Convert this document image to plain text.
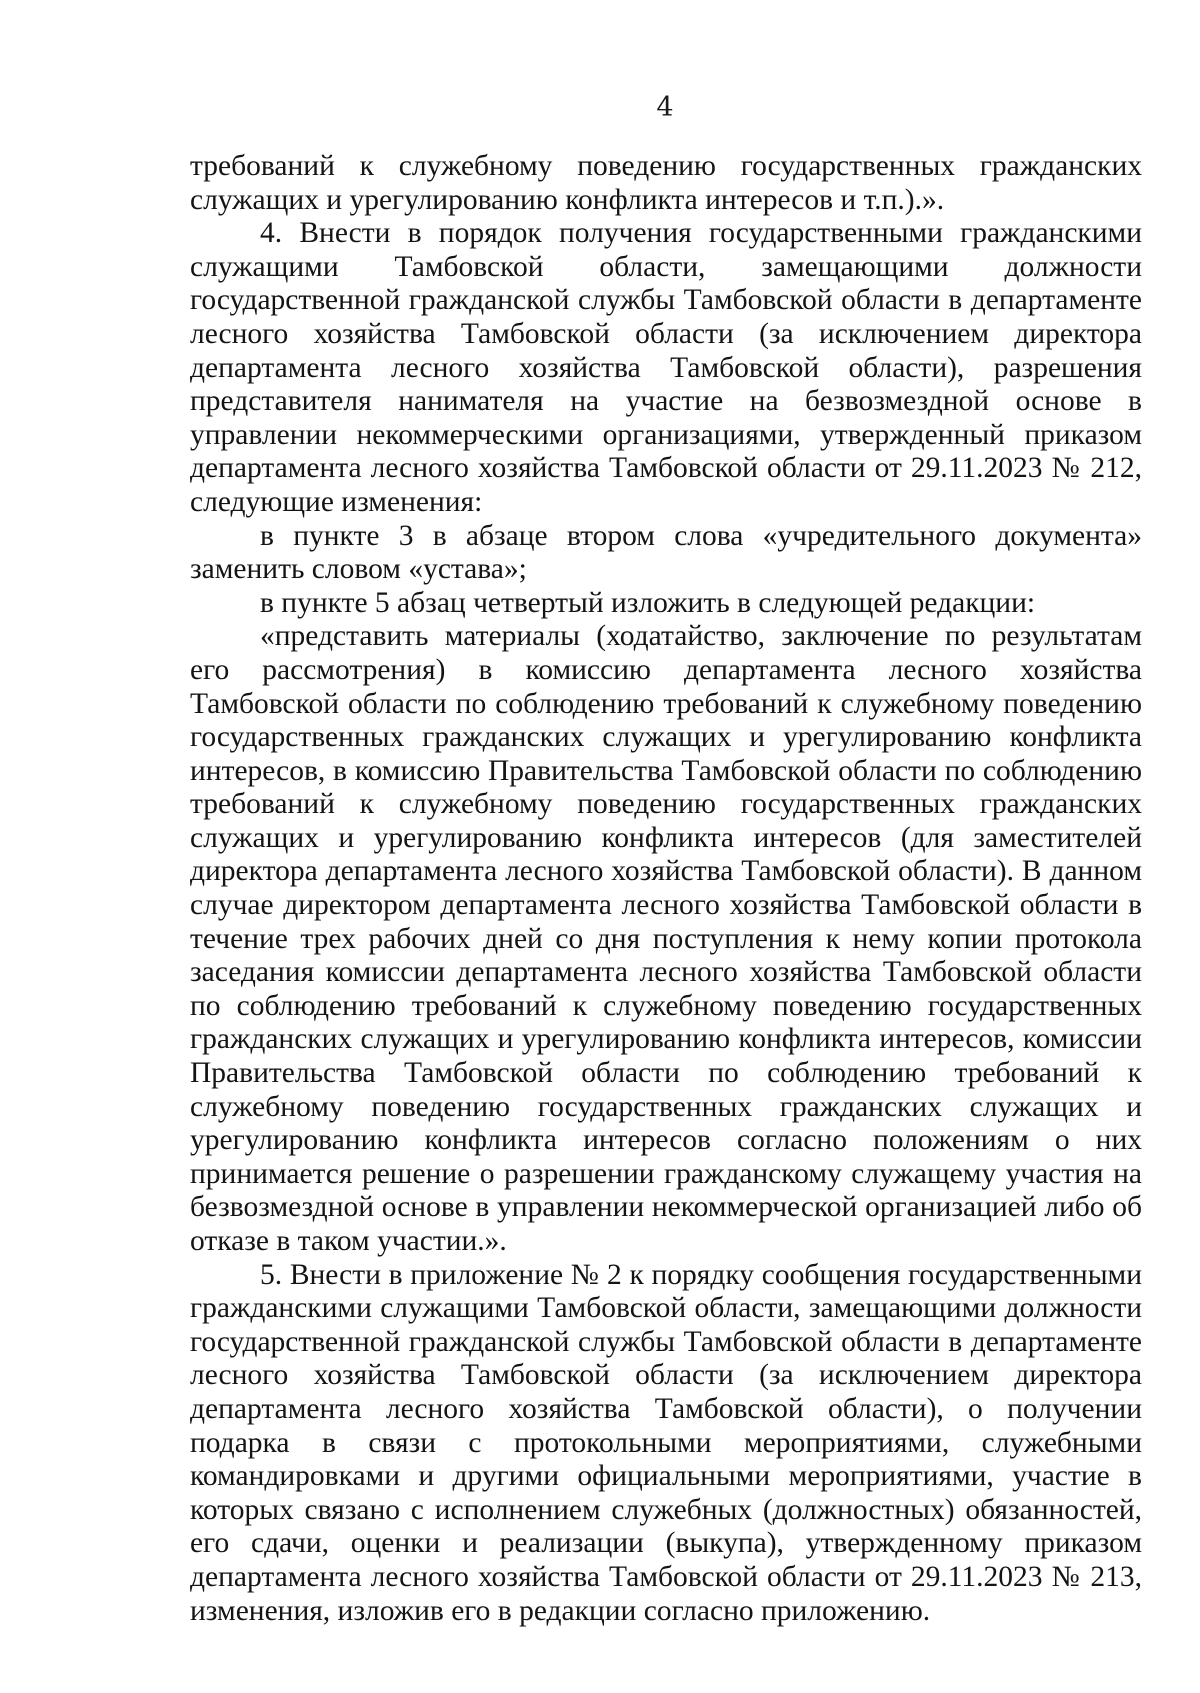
4

требований к служебному поведению государственных гражданских служащих и урегулированию конфликта интересов и т.п.).».

4. Внести в порядок получения государственными гражданскими служащими Тамбовской области, замещающими должности государственной гражданской службы Тамбовской области в департаменте лесного хозяйства Тамбовской области (за исключением директора департамента лесного хозяйства Тамбовской области), разрешения представителя нанимателя на участие на безвозмездной основе в управлении некоммерческими организациями, утвержденный приказом департамента лесного хозяйства Тамбовской области от 29.11.2023 № 212, следующие изменения:

в пункте 3 в абзаце втором слова «учредительного документа» заменить словом «устава»;

в пункте 5 абзац четвертый изложить в следующей редакции:

«представить материалы (ходатайство, заключение по результатам его рассмотрения) в комиссию департамента лесного хозяйства Тамбовской области по соблюдению требований к служебному поведению государственных гражданских служащих и урегулированию конфликта интересов, в комиссию Правительства Тамбовской области по соблюдению требований к служебному поведению государственных гражданских служащих и урегулированию конфликта интересов (для заместителей директора департамента лесного хозяйства Тамбовской области). В данном случае директором департамента лесного хозяйства Тамбовской области в течение трех рабочих дней со дня поступления к нему копии протокола заседания комиссии департамента лесного хозяйства Тамбовской области по соблюдению требований к служебному поведению государственных гражданских служащих и урегулированию конфликта интересов, комиссии Правительства Тамбовской области по соблюдению требований к служебному поведению государственных гражданских служащих и урегулированию конфликта интересов согласно положениям о них принимается решение о разрешении гражданскому служащему участия на безвозмездной основе в управлении некоммерческой организацией либо об отказе в таком участии.».

5. Внести в приложение № 2 к порядку сообщения государственными гражданскими служащими Тамбовской области, замещающими должности государственной гражданской службы Тамбовской области в департаменте лесного хозяйства Тамбовской области (за исключением директора департамента лесного хозяйства Тамбовской области), о получении подарка в связи с протокольными мероприятиями, служебными командировками и другими официальными мероприятиями, участие в которых связано с исполнением служебных (должностных) обязанностей, его сдачи, оценки и реализации (выкупа), утвержденному приказом департамента лесного хозяйства Тамбовской области от 29.11.2023 № 213, изменения, изложив его в редакции согласно приложению.
